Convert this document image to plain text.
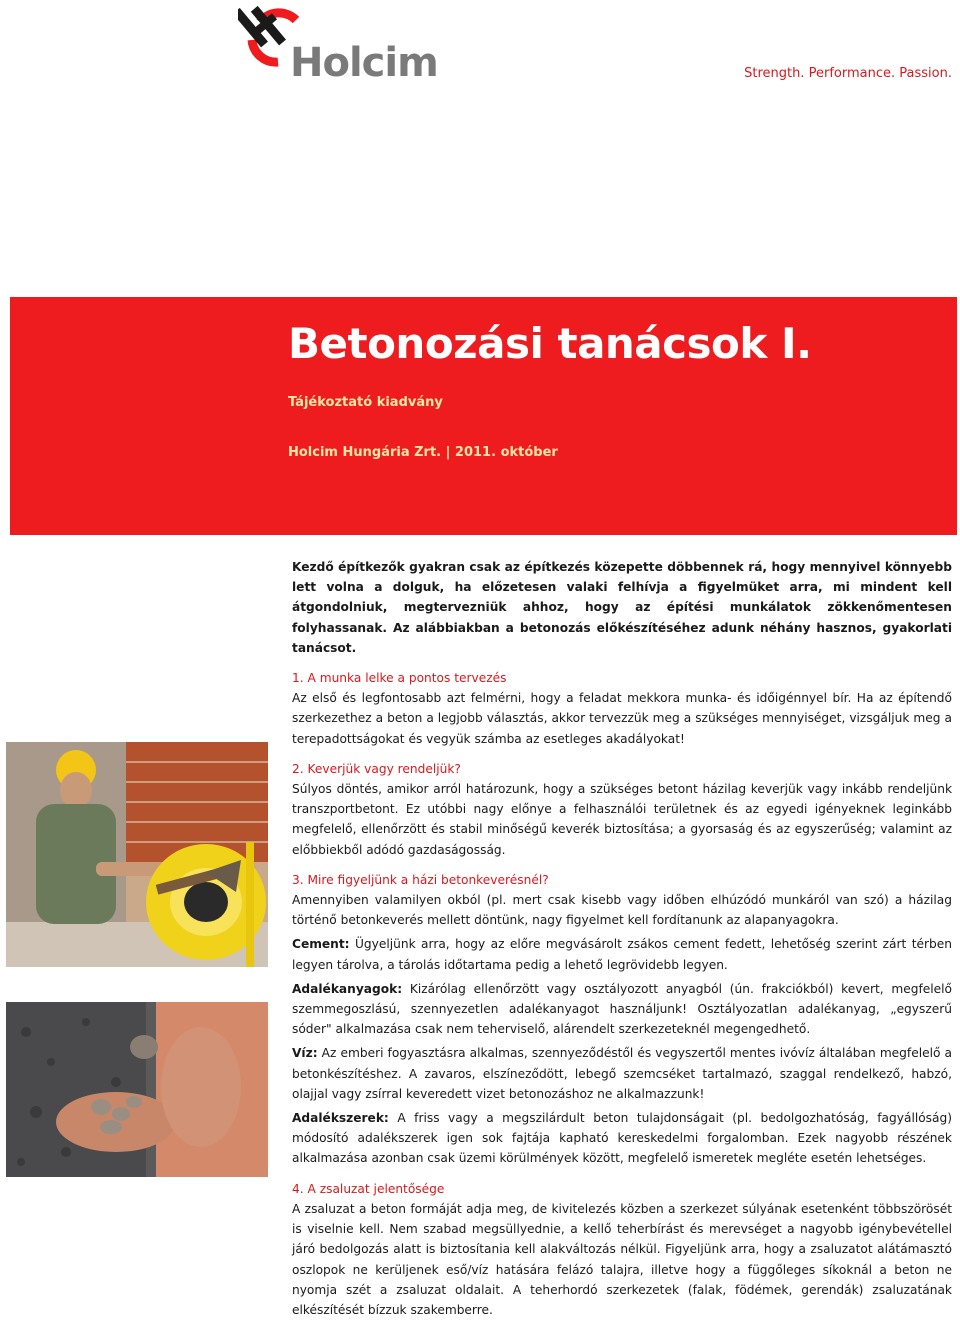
Holcim	Strength. Performance. Passion.
Betonozási tanácsok I.
Tájékoztató kiadvány
Holcim Hungária Zrt. | 2011. október

Kezdő építkezők gyakran csak az építkezés közepette döbbennek rá, hogy mennyivel könnyebb lett volna a dolguk, ha előzetesen valaki felhívja a figyelmüket arra, mi mindent kell átgondolniuk, megtervezniük ahhoz, hogy az építési munkálatok zökkenőmentesen folyhassanak. Az alábbiakban a betonozás előkészítéséhez adunk néhány hasznos, gyakorlati tanácsot.

1. A munka lelke a pontos tervezés

Az első és legfontosabb azt felmérni, hogy a feladat mekkora munka- és időigénnyel bír. Ha az építendő szerkezethez a beton a legjobb választás, akkor tervezzük meg a szükséges mennyiséget, vizsgáljuk meg a terepadottságokat és vegyük számba az esetleges akadályokat!

2. Keverjük vagy rendeljük?

Súlyos döntés, amikor arról határozunk, hogy a szükséges betont házilag keverjük vagy inkább rendeljünk transzportbetont. Ez utóbbi nagy előnye a felhasználói területnek és az egyedi igényeknek leginkább megfelelő, ellenőrzött és stabil minőségű keverék biztosítása; a gyorsaság és az egyszerűség; valamint az előbbiekből adódó gazdaságosság.

3. Mire figyeljünk a házi betonkeverésnél?

Amennyiben valamilyen okból (pl. mert csak kisebb vagy időben elhúzódó munkáról van szó) a házilag történő betonkeverés mellett döntünk, nagy figyelmet kell fordítanunk az alapanyagokra.

Cement: Ügyeljünk arra, hogy az előre megvásárolt zsákos cement fedett, lehetőség szerint zárt térben legyen tárolva, a tárolás időtartama pedig a lehető legrövidebb legyen.

Adalékanyagok: Kizárólag ellenőrzött vagy osztályozott anyagból (ún. frakciókból) kevert, megfelelő szemmegoszlású, szennyezetlen adalékanyagot használjunk! Osztályozatlan adalékanyag, „egyszerű sóder" alkalmazása csak nem teherviselő, alárendelt szerkezeteknél megengedhető.

Víz: Az emberi fogyasztásra alkalmas, szennyeződéstől és vegyszertől mentes ivóvíz általában megfelelő a betonkészítéshez. A zavaros, elszíneződött, lebegő szemcséket tartalmazó, szaggal rendelkező, habzó, olajjal vagy zsírral keveredett vizet betonozáshoz ne alkalmazzunk!

Adalékszerek: A friss vagy a megszilárdult beton tulajdonságait (pl. bedolgozhatóság, fagyállóság) módosító adalékszerek igen sok fajtája kapható kereskedelmi forgalomban. Ezek nagyobb részének alkalmazása azonban csak üzemi körülmények között, megfelelő ismeretek megléte esetén lehetséges.

4. A zsaluzat jelentősége

A zsaluzat a beton formáját adja meg, de kivitelezés közben a szerkezet súlyának esetenként többszörösét is viselnie kell. Nem szabad megsüllyednie, a kellő teherbírást és merevséget a nagyobb igénybevétellel járó bedolgozás alatt is biztosítania kell alakváltozás nélkül. Figyeljünk arra, hogy a zsaluzatot alátámasztó oszlopok ne kerüljenek eső/víz hatására felázó talajra, illetve hogy a függőleges síkoknál a beton ne nyomja szét a zsaluzat oldalait. A teherhordó szerkezetek (falak, födémek, gerendák) zsaluzatának elkészítését bízzuk szakemberre.
